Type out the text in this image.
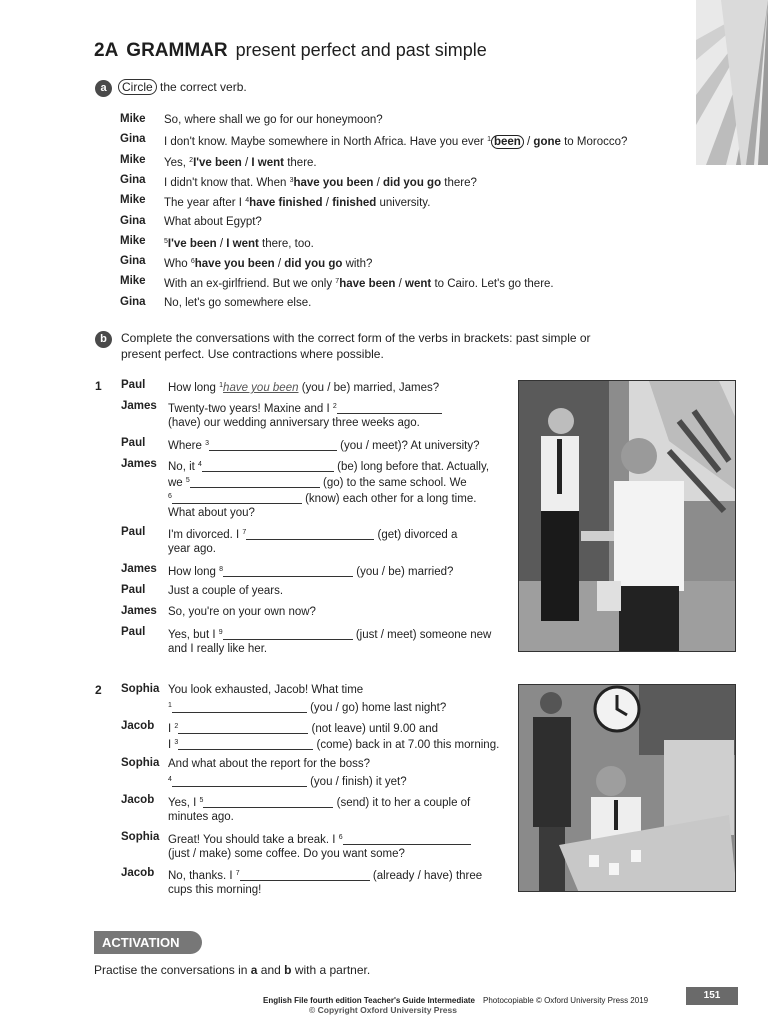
2A GRAMMAR present perfect and past simple
a	Circle the correct verb.
Mike So, where shall we go for our honeymoon?
Gina I don't know. Maybe somewhere in North Africa. Have you ever $^1$ been / gone to Morocco?
Mike Yes, $^2$I've been / I went there.
Gina I didn't know that. When $^3$have you been / did you go there?
Mike The year after I $^4$have finished / finished university.
Gina What about Egypt?
Mike	$^5$I've been / I went there, too.
Gina Who $^6$have you been / did you go with?
Mike With an ex-girlfriend. But we only $^7$have been / went to Cairo. Let's go there.
Gina No, let's go somewhere else.
b	Complete the conversations with the correct form of the verbs in brackets: past simple or
present perfect. Use contractions where possible.
1
2
Paul How long $^1$have you been (you / be) married, James?
James Twenty-two years! Maxine and I $^2$
(have) our wedding anniversary three weeks ago.
Paul Where $^3$	(you / meet)? At university?
James No, it $^4$	(be) long before that. Actually,
we $^5$	(go) to the same school. We
$^6$	(know) each other for a long time.
What about you?
Paul I'm divorced. I $^7$	(get) divorced a
year ago.
James How long $^8$	(you / be) married?
Paul Just a couple of years.
James So, you're on your own now?
Paul Yes, but I $^9$	(just / meet) someone new
and I really like her.
Sophia You look exhausted, Jacob! What time
$^1$	(you / go) home last night?
Jacob I $^2$	(not leave) until 9.00 and
I $^3$	(come) back in at 7.00 this morning.
Sophia And what about the report for the boss?
$^4$	(you / finish) it yet?
Jacob Yes, I $^5$	(send) it to her a couple of
minutes ago.
Sophia Great! You should take a break. I $^6$
(just / make) some coffee. Do you want some?
Jacob No, thanks. I $^7$	(already / have) three
cups this morning!
ACTIVATION
Practise the conversations in a and b with a partner.
English File fourth edition Teacher's Guide Intermediate Photocopiable © Oxford University Press 2019
© Copyright Oxford University Press
151
